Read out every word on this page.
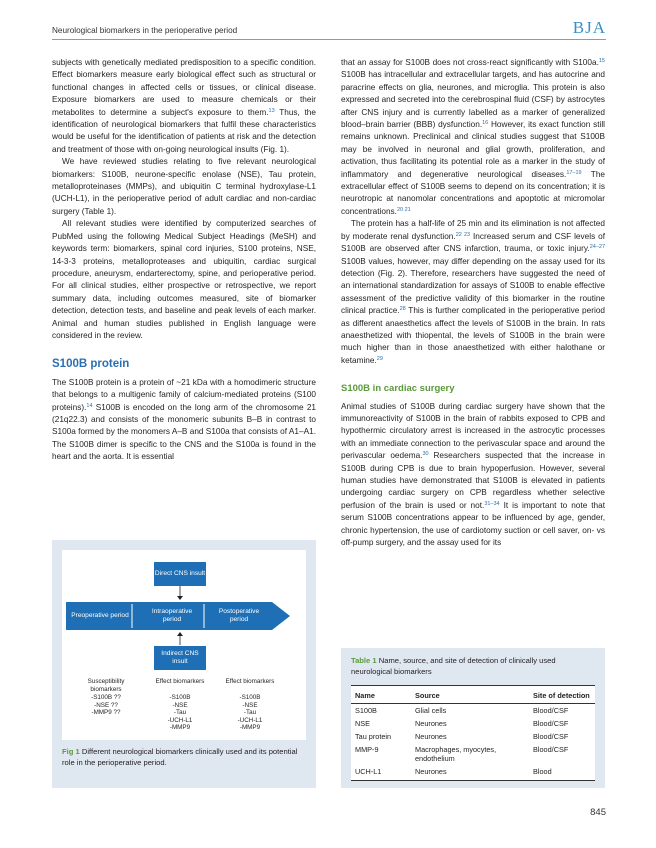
Neurological biomarkers in the perioperative period	BJA

subjects with genetically mediated predisposition to a specific condition. Effect biomarkers measure early biological effect such as structural or functional changes in affected cells or tissues, or clinical disease. Exposure biomarkers are used to measure chemicals or their metabolites to determine a subject's exposure to them.$^{13}$ Thus, the identification of neurological biomarkers that fulfil these characteristics would be useful for the identification of patients at risk and the detection and treatment of those with on-going neurological insults (Fig. 1).

We have reviewed studies relating to five relevant neurological biomarkers: S100B, neurone-specific enolase (NSE), Tau protein, metalloproteinases (MMPs), and ubiquitin C terminal hydroxylase-L1 (UCH-L1), in the perioperative period of adult cardiac and non-cardiac surgery (Table 1).

All relevant studies were identified by computerized searches of PubMed using the following Medical Subject Headings (MeSH) and keywords term: biomarkers, spinal cord injuries, S100 proteins, NSE, 14-3-3 proteins, metalloproteases and ubiquitin, cardiac surgical procedure, aneurysm, endarterectomy, spine, and perioperative period. For all clinical studies, either prospective or retrospective, we report summary data, including outcomes measured, site of biomarker detection, detection tests, and baseline and peak levels of each marker. Animal and human studies published in English language were considered in the review.

S100B protein

The S100B protein is a protein of ~21 kDa with a homodimeric structure that belongs to a multigenic family of calcium-mediated proteins (S100 proteins).$^{14}$ S100B is encoded on the long arm of the chromosome 21 (21q22.3) and consists of the monomeric subunits B–B in contrast to S100a formed by the monomers A–B and S100a that consists of A1–A1. The S100B dimer is specific to the CNS and the S100a is found in the heart and the aorta. It is essential

Direct CNS insult
Preoperative period
Intraoperative period
Postoperative period
Indirect CNS insult
Susceptibility biomarkers
-S100B ??
-NSE ??
-MMP9 ??
Effect biomarkers
-S100B
-NSE
-Tau
-UCH-L1
-MMP9
Effect biomarkers
-S100B
-NSE
-Tau
-UCH-L1
-MMP9
Fig 1 Different neurological biomarkers clinically used and its potential role in the perioperative period.

that an assay for S100B does not cross-react significantly with S100a.$^{15}$ S100B has intracellular and extracellular targets, and has autocrine and paracrine effects on glia, neurones, and microglia. This protein is also expressed and secreted into the cerebrospinal fluid (CSF) by astrocytes after CNS injury and is currently labelled as a marker of generalized blood–brain barrier (BBB) dysfunction.$^{16}$ However, its exact function still remains unknown. Preclinical and clinical studies suggest that S100B may be involved in neuronal and glial growth, proliferation, and activation, thus facilitating its potential role as a marker in the study of inflammatory and degenerative neurological diseases.$^{17-19}$ The extracellular effect of S100B seems to depend on its concentration; it is neurotropic at nanomolar concentrations and apoptotic at micromolar concentrations.$^{20 21}$

The protein has a half-life of 25 min and its elimination is not affected by moderate renal dysfunction.$^{22 23}$ Increased serum and CSF levels of S100B are observed after CNS infarction, trauma, or toxic injury.$^{24-27}$ S100B values, however, may differ depending on the assay used for its detection (Fig. 2). Therefore, researchers have suggested the need of an international standardization for assays of S100B to enable effective assessment of the predictive validity of this biomarker in the routine clinical practice.$^{28}$ This is further complicated in the perioperative period as different anaesthetics affect the levels of S100B in the brain. In rats anaesthetized with thiopental, the levels of S100B in the brain were much higher than in those anaesthetized with either halothane or ketamine.$^{29}$

S100B in cardiac surgery

Animal studies of S100B during cardiac surgery have shown that the immunoreactivity of S100B in the brain of rabbits exposed to CPB and hypothermic circulatory arrest is increased in the astrocytic processes with an immediate connection to the perivascular space and around the perivascular oedema.$^{30}$ Researchers suspected that the increase in S100B during CPB is due to brain hypoperfusion. However, several human studies have demonstrated that S100B is elevated in patients undergoing cardiac surgery on CPB regardless whether selective perfusion of the brain is used or not.$^{31-34}$ It is important to note that serum S100B concentrations appear to be influenced by age, gender, chronic hypertension, the use of cardiotomy suction or cell saver, on- vs off-pump surgery, and the assay used for its

Table 1 Name, source, and site of detection of clinically used neurological biomarkers
Name	Source	Site of detection
S100B	Glial cells	Blood/CSF
NSE	Neurones	Blood/CSF
Tau protein	Neurones	Blood/CSF
MMP-9	Macrophages, myocytes, endothelium	Blood/CSF
UCH-L1	Neurones	Blood
845
